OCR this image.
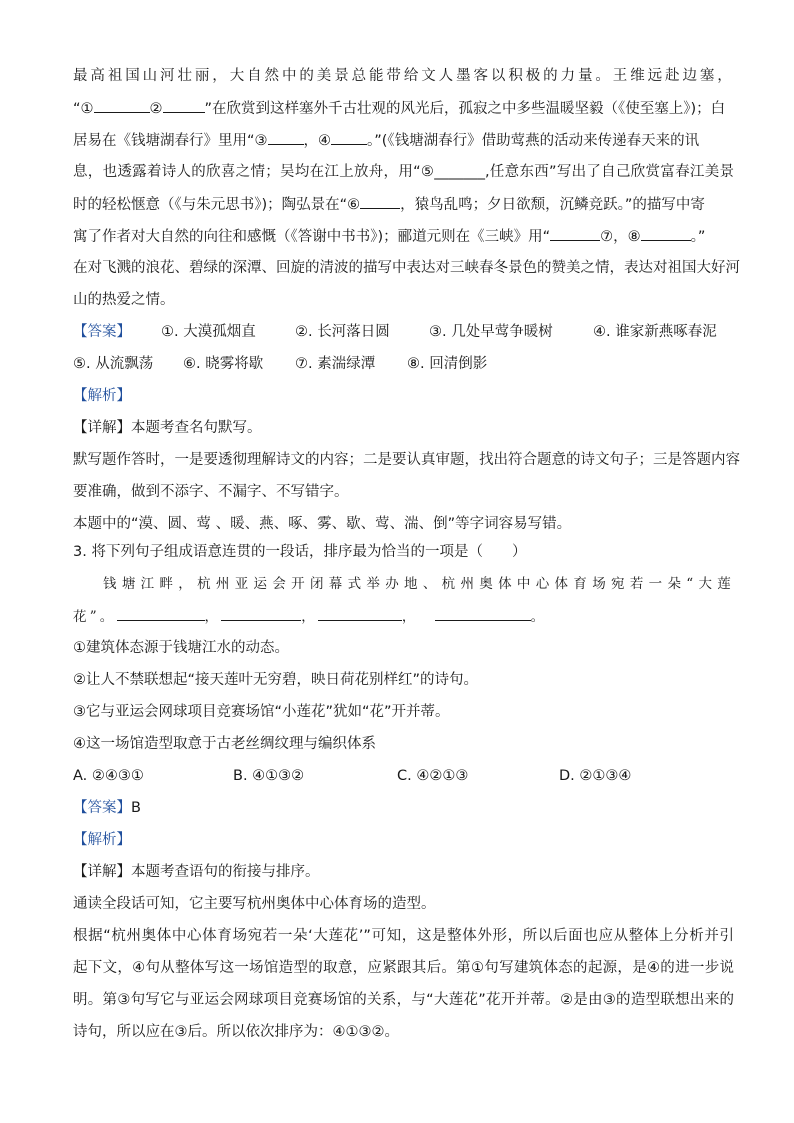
最高祖国山河壮丽，大自然中的美景总能带给文人墨客以积极的力量。王维远赴边塞，
“①	②	”在欣赏到这样塞外千古壮观的风光后，孤寂之中多些温暖坚毅（《使至塞上》)；白
居易在《钱塘湖春行》里用“③ ，④ 。”(《钱塘湖春行》借助莺燕的活动来传递春天来的讯
息，也透露着诗人的欣喜之情；吴均在江上放舟，用“⑤_______,任意东西”写出了自己欣赏富春江美景
时的轻松惬意（《与朱元思书》)；陶弘景在“⑥	，猿鸟乱鸣；夕日欲颓，沉鳞竞跃。”的描写中寄
寓了作者对大自然的向往和感慨（《答谢中书书》)；郦道元则在《三峡》用“	⑦，⑧	。”
在对飞溅的浪花、碧绿的深潭、回旋的清波的描写中表达对三峡春冬景色的赞美之情，表达对祖国大好河
山的热爱之情。
【答案】 ①. 大漠孤烟直	②. 长河落日圆	③. 几处早莺争暖树	④. 谁家新燕啄春泥
⑤. 从流飘荡 ⑥. 晓雾将歇 ⑦. 素湍绿潭 ⑧. 回清倒影
【解析】
【详解】本题考查名句默写。
默写题作答时，一是要透彻理解诗文的内容；二是要认真审题，找出符合题意的诗文句子；三是答题内容
要准确，做到不添字、不漏字、不写错字。
本题中的“漠、圆、莺 、暖、燕、啄、雾、歇、莺、湍、倒”等字词容易写错。
3. 将下列句子组成语意连贯的一段话，排序最为恰当的一项是（　　）
钱塘江畔，杭州亚运会开闭幕式举办地、杭州奥体中心体育场宛若一朵“大莲
花”。	，	，	，	。
①建筑体态源于钱塘江水的动态。
②让人不禁联想起“接天莲叶无穷碧，映日荷花别样红”的诗句。
③它与亚运会网球项目竞赛场馆“小莲花”犹如“花”开并蒂。
④这一场馆造型取意于古老丝绸纹理与编织体系
A. ②④③①	B. ④①③②	C. ④②①③	D. ②①③④
【答案】B
【解析】
【详解】本题考查语句的衔接与排序。
通读全段话可知，它主要写杭州奥体中心体育场的造型。
根据“杭州奥体中心体育场宛若一朵‘大莲花’”可知，这是整体外形，所以后面也应从整体上分析并引
起下文，④句从整体写这一场馆造型的取意，应紧跟其后。第①句写建筑体态的起源，是④的进一步说
明。第③句写它与亚运会网球项目竞赛场馆的关系，与“大莲花”花开并蒂。②是由③的造型联想出来的
诗句，所以应在③后。所以依次排序为：④①③②。
